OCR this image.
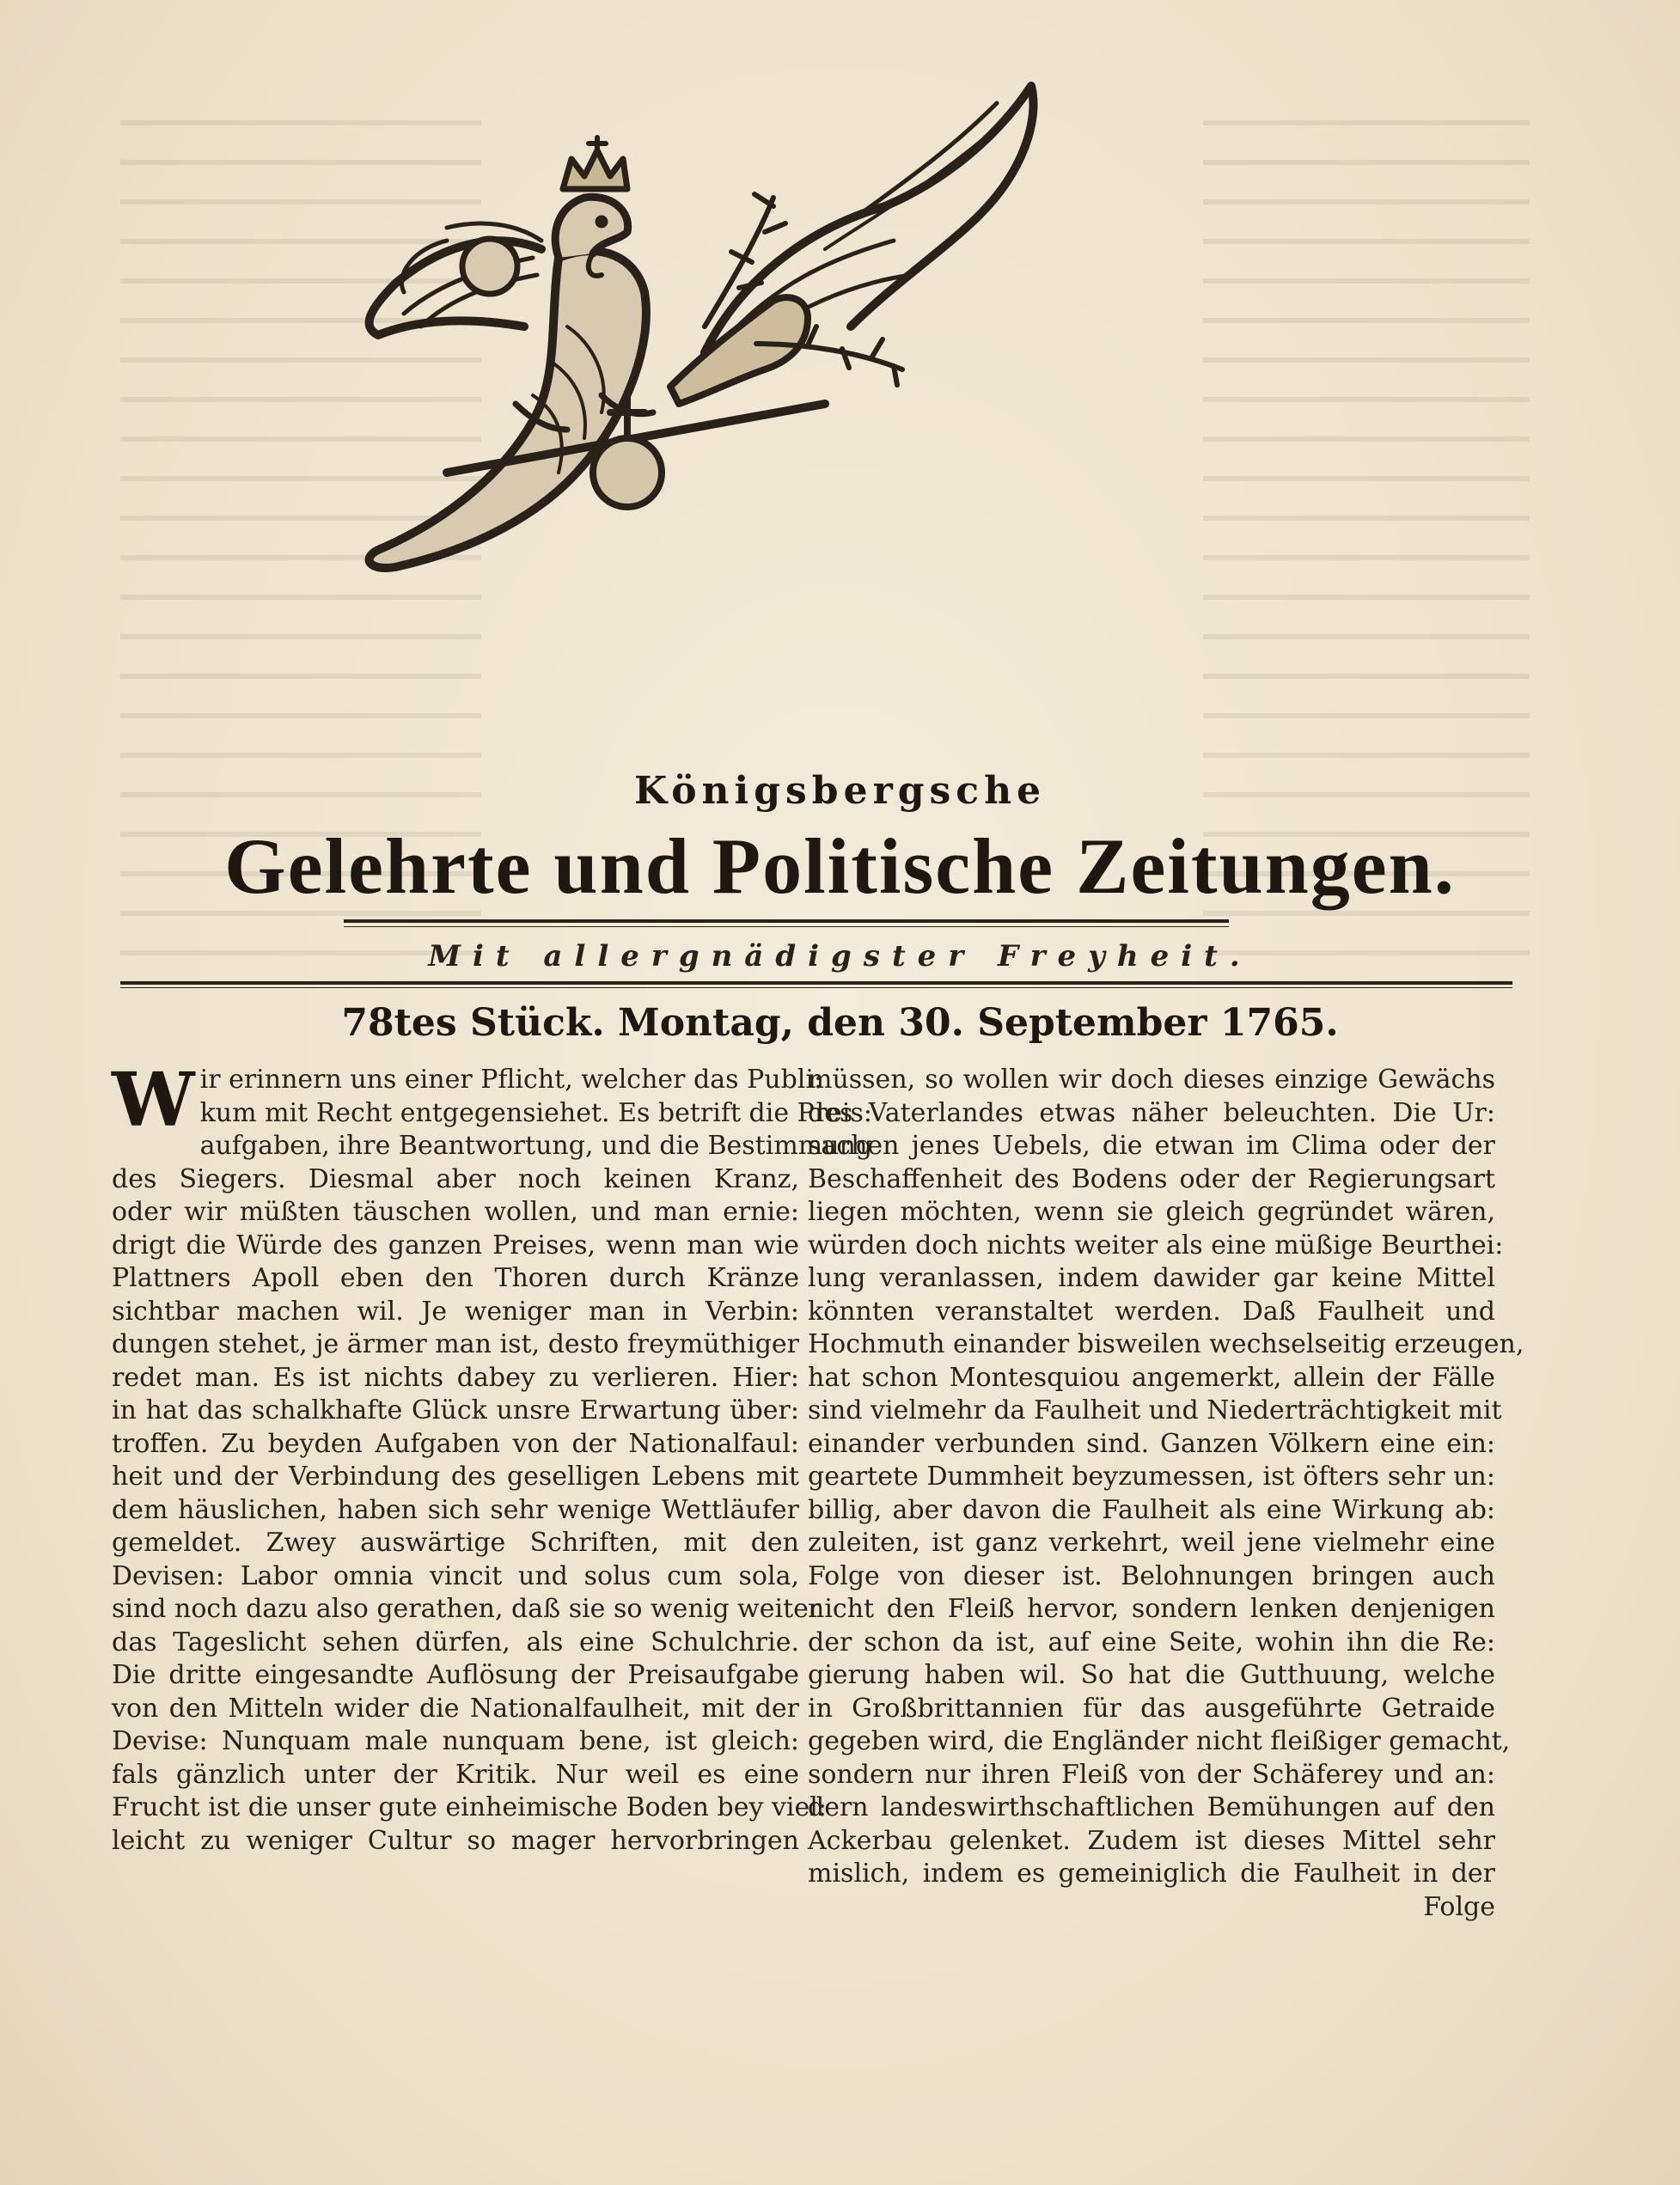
Königsbergsche
Gelehrte und Politische Zeitungen.
Mit allergnädigster Freyheit.
78tes Stück. Montag, den 30. September 1765.
W ir erinnern uns einer Pflicht, welcher das Publi:
kum mit Recht entgegensiehet. Es betrift die Preis:
aufgaben, ihre Beantwortung, und die Bestimmung
des Siegers. Diesmal aber noch keinen Kranz,
oder wir müßten täuschen wollen, und man ernie:
drigt die Würde des ganzen Preises, wenn man wie
Plattners Apoll eben den Thoren durch Kränze
sichtbar machen wil. Je weniger man in Verbin:
dungen stehet, je ärmer man ist, desto freymüthiger
redet man. Es ist nichts dabey zu verlieren. Hier:
in hat das schalkhafte Glück unsre Erwartung über:
troffen. Zu beyden Aufgaben von der Nationalfaul:
heit und der Verbindung des geselligen Lebens mit
dem häuslichen, haben sich sehr wenige Wettläufer
gemeldet. Zwey auswärtige Schriften, mit den
Devisen: Labor omnia vincit und solus cum sola,
sind noch dazu also gerathen, daß sie so wenig weiter
das Tageslicht sehen dürfen, als eine Schulchrie.
Die dritte eingesandte Auflösung der Preisaufgabe
von den Mitteln wider die Nationalfaulheit, mit der
Devise: Nunquam male nunquam bene, ist gleich:
fals gänzlich unter der Kritik. Nur weil es eine
Frucht ist die unser gute einheimische Boden bey viel:
leicht zu weniger Cultur so mager hervorbringen
müssen, so wollen wir doch dieses einzige Gewächs
des Vaterlandes etwas näher beleuchten. Die Ur:
sachen jenes Uebels, die etwan im Clima oder der
Beschaffenheit des Bodens oder der Regierungsart
liegen möchten, wenn sie gleich gegründet wären,
würden doch nichts weiter als eine müßige Beurthei:
lung veranlassen, indem dawider gar keine Mittel
könnten veranstaltet werden. Daß Faulheit und
Hochmuth einander bisweilen wechselseitig erzeugen,
hat schon Montesquiou angemerkt, allein der Fälle
sind vielmehr da Faulheit und Niederträchtigkeit mit
einander verbunden sind. Ganzen Völkern eine ein:
geartete Dummheit beyzumessen, ist öfters sehr un:
billig, aber davon die Faulheit als eine Wirkung ab:
zuleiten, ist ganz verkehrt, weil jene vielmehr eine
Folge von dieser ist. Belohnungen bringen auch
nicht den Fleiß hervor, sondern lenken denjenigen
der schon da ist, auf eine Seite, wohin ihn die Re:
gierung haben wil. So hat die Gutthuung, welche
in Großbrittannien für das ausgeführte Getraide
gegeben wird, die Engländer nicht fleißiger gemacht,
sondern nur ihren Fleiß von der Schäferey und an:
dern landeswirthschaftlichen Bemühungen auf den
Ackerbau gelenket. Zudem ist dieses Mittel sehr
mislich, indem es gemeiniglich die Faulheit in der
Folge
